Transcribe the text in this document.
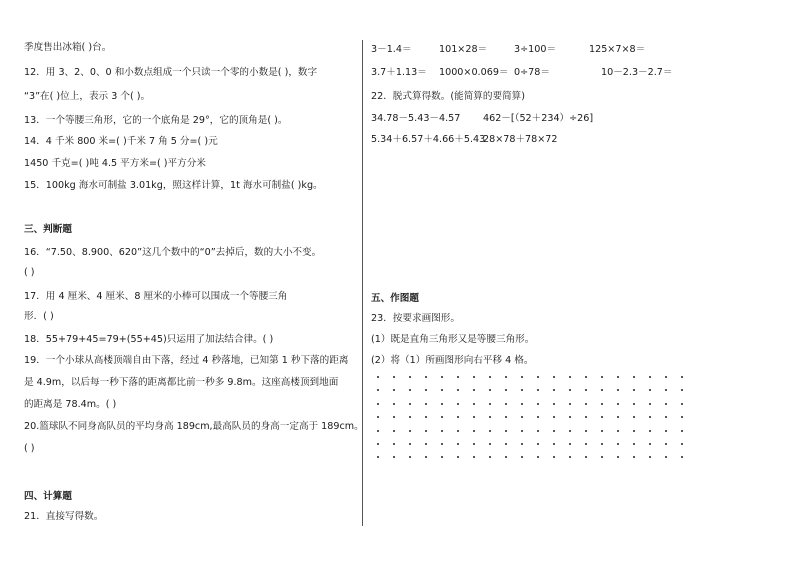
季度售出冰箱( )台。
12．用 3、2、0、0 和小数点组成一个只读一个零的小数是( )，数字
“3”在( )位上，表示 3 个( )。
13．一个等腰三角形，它的一个底角是 29°，它的顶角是( )。
14．4 千米 800 米=( )千米 7 角 5 分=( )元
1450 千克=( )吨 4.5 平方米=( )平方分米
15．100kg 海水可制盐 3.01kg，照这样计算，1t 海水可制盐( )kg。
三、判断题
16．“7.50、8.900、620”这几个数中的“0”去掉后，数的大小不变。
( )
17．用 4 厘米、4 厘米、8 厘米的小棒可以围成一个等腰三角
形．( )
18．55+79+45=79+(55+45)只运用了加法结合律。( )
19．一个小球从高楼顶端自由下落，经过 4 秒落地，已知第 1 秒下落的距离
是 4.9m，以后每一秒下落的距离都比前一秒多 9.8m。这座高楼顶到地面
的距离是 78.4m。( )
20.篮球队不同身高队员的平均身高 189cm,最高队员的身高一定高于 189cm。
( )
四、计算题
21．直接写得数。
3－1.4＝	101×28＝	3÷100＝	125×7×8＝
3.7＋1.13＝ 1000×0.069＝ 0÷78＝	10－2.3－2.7＝
22．脱式算得数。(能简算的要简算)
34.78－5.43－4.57 462－[（52＋234）÷26]
5.34＋6.57＋4.66＋5.43
28×78＋78×72
五、作图题
23．按要求画图形。
(1）既是直角三角形又是等腰三角形。
(2）将（1）所画图形向右平移 4 格。
